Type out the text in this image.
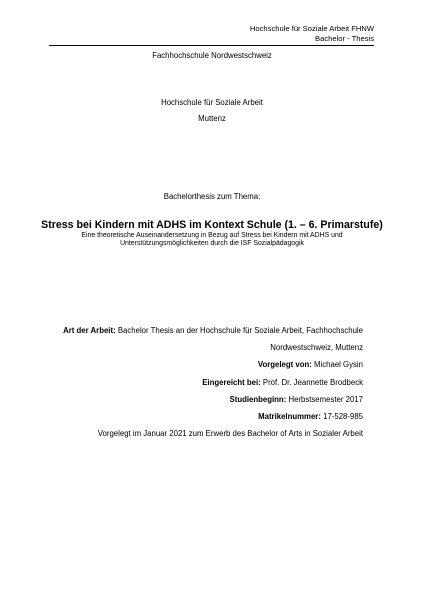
Hochschule für Soziale Arbeit FHNW
Bachelor - Thesis
Fachhochschule Nordwestschweiz
Hochschule für Soziale Arbeit
Muttenz
Bachelorthesis zum Thema:
Stress bei Kindern mit ADHS im Kontext Schule (1. – 6. Primarstufe)
Eine theoretische Auseinandersetzung in Bezug auf Stress bei Kindern mit ADHS und
Unterstützungsmöglichkeiten durch die ISF Sozialpädagogik
Art der Arbeit: Bachelor Thesis an der Hochschule für Soziale Arbeit, Fachhochschule
Nordwestschweiz, Muttenz
Vorgelegt von: Michael Gysin
Eingereicht bei: Prof. Dr. Jeannette Brodbeck
Studienbeginn: Herbstsemester 2017
Matrikelnummer: 17-528-985
Vorgelegt im Januar 2021 zum Erwerb des Bachelor of Arts in Sozialer Arbeit
